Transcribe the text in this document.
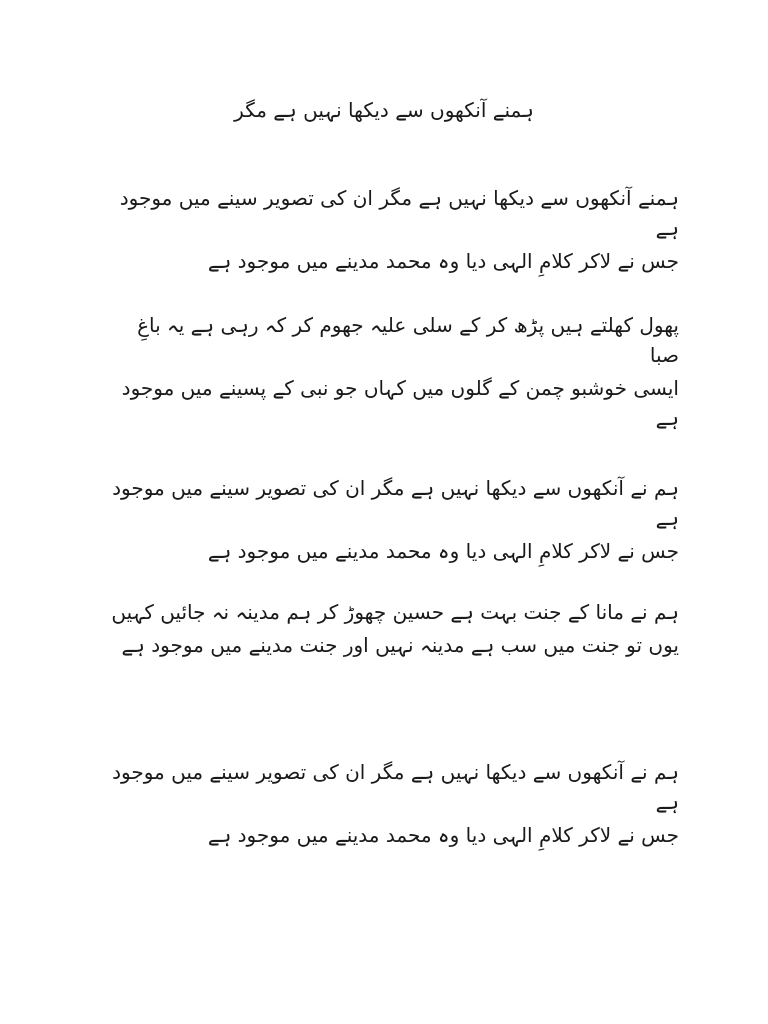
ہمنے آنکھوں سے دیکھا نہیں ہے مگر

ہمنے آنکھوں سے دیکھا نہیں ہے مگر ان کی تصویر سینے میں موجود ہے

جس نے لاکر کلامِ الہی دیا وہ محمد مدینے میں موجود ہے

پھول کھلتے ہیں پڑھ کر کے سلی علیہ جھوم کر کہ رہی ہے یہ باغِ صبا

ایسی خوشبو چمن کے گلوں میں کہاں جو نبی کے پسینے میں موجود ہے

ہم نے آنکھوں سے دیکھا نہیں ہے مگر ان کی تصویر سینے میں موجود ہے

جس نے لاکر کلامِ الہی دیا وہ محمد مدینے میں موجود ہے

ہم نے مانا کے جنت بہت ہے حسین چھوڑ کر ہم مدینہ نہ جائیں کہیں

یوں تو جنت میں سب ہے مدینہ نہیں اور جنت مدینے میں موجود ہے

ہم نے آنکھوں سے دیکھا نہیں ہے مگر ان کی تصویر سینے میں موجود ہے

جس نے لاکر کلامِ الہی دیا وہ محمد مدینے میں موجود ہے
